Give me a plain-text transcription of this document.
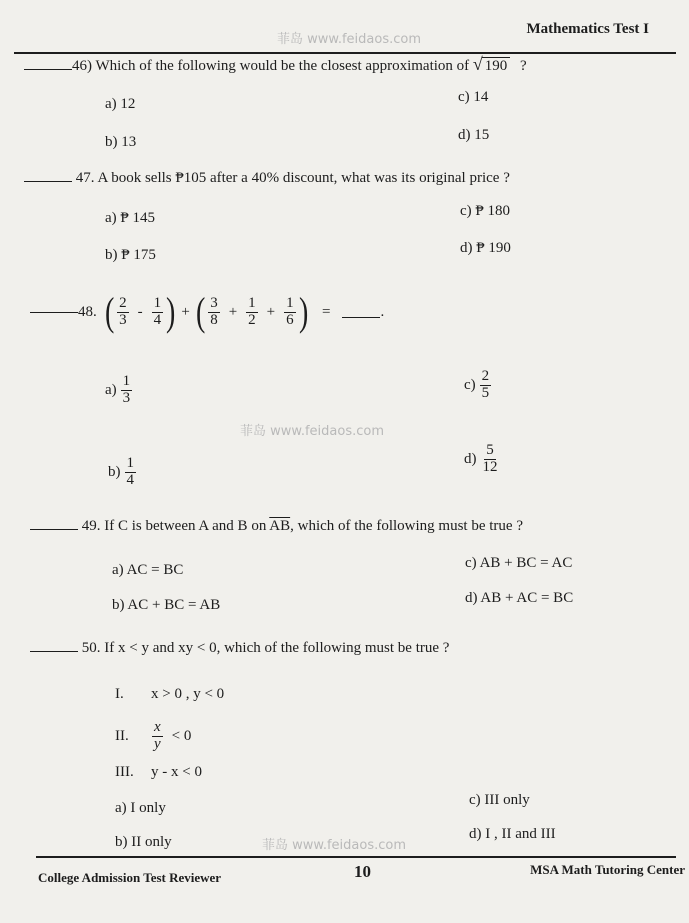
Mathematics Test I
菲岛 www.feidaos.com
46) Which of the following would be the closest approximation of √ 190 ?
a) 12
b) 13
c) 14
d) 15
47. A book sells ₱105 after a 40% discount, what was its original price ?
a) ₱ 145
b) ₱ 175
c) ₱ 180
d) ₱ 190
48. ( $\frac{2}{3} - \frac{1}{4}$ ) + ( $\frac{3}{8} + \frac{1}{2} + \frac{1}{6}$ ) =	.
$a) \frac{1}{3}$
$b) \frac{1}{4}$
$c) \frac{2}{5}$
$d) \frac{5}{12}$
菲岛 www.feidaos.com
49. If C is between A and B on $\overline{AB}$, which of the following must be true ?
a) AC = BC
b) AC + BC = AB
c) AB + BC = AC
d) AB + AC = BC
50. If x < y and xy < 0, which of the following must be true ?
I. x > 0 , y < 0
II.	$\frac{x}{y} < 0$
III. y - x < 0
a) I only
b) II only
c) III only
d) I , II and III
菲岛 www.feidaos.com
College Admission Test Reviewer	10	MSA Math Tutoring Center
